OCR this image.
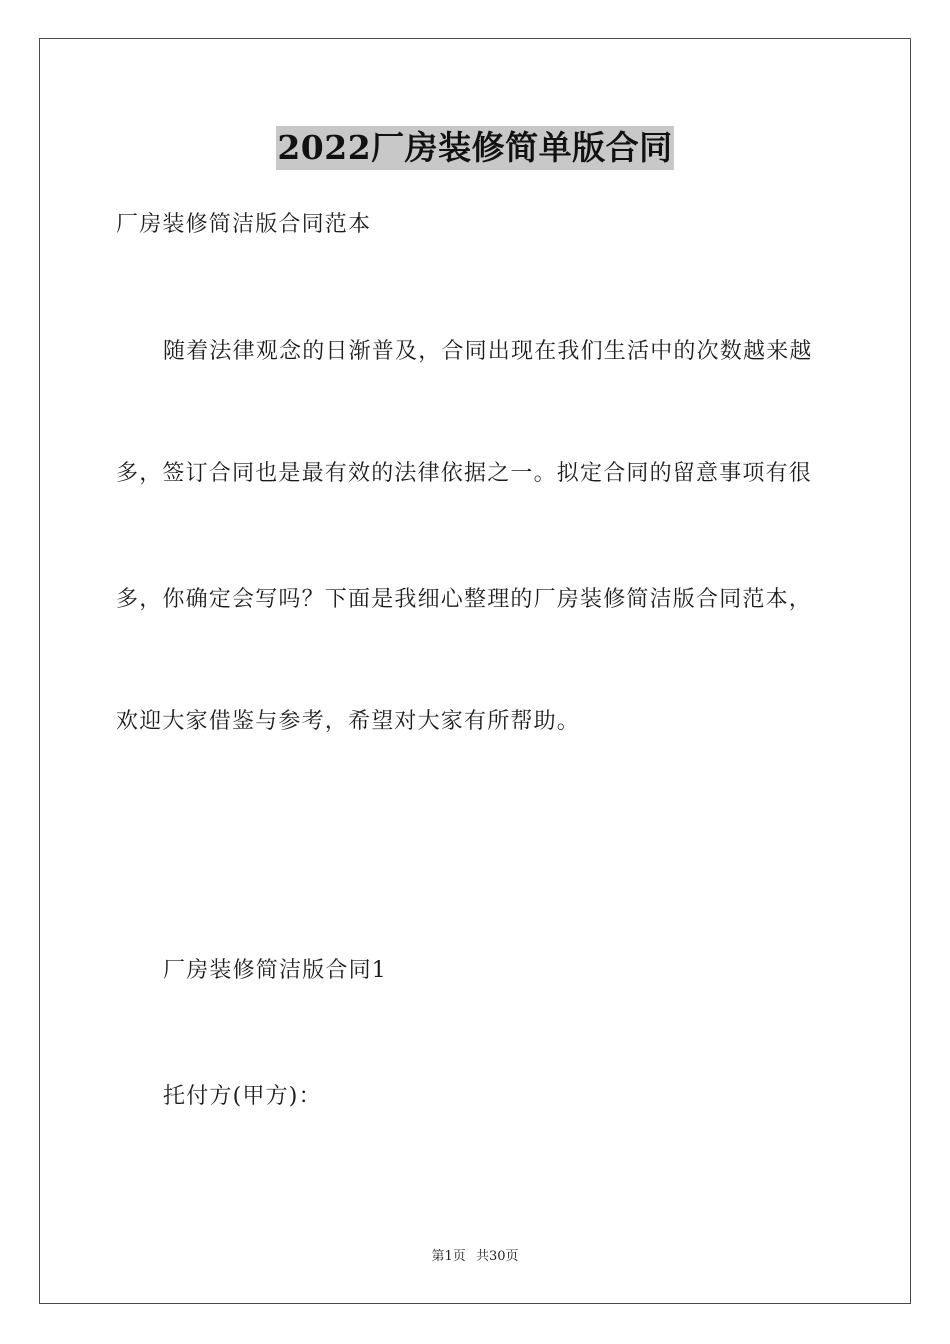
2022厂房装修简单版合同
厂房装修简洁版合同范本
随着法律观念的日渐普及，合同出现在我们生活中的次数越来越
多，签订合同也是最有效的法律依据之一。拟定合同的留意事项有很
多，你确定会写吗？下面是我细心整理的厂房装修简洁版合同范本，
欢迎大家借鉴与参考，希望对大家有所帮助。
厂房装修简洁版合同1
托付方(甲方)：
第1页 共30页
